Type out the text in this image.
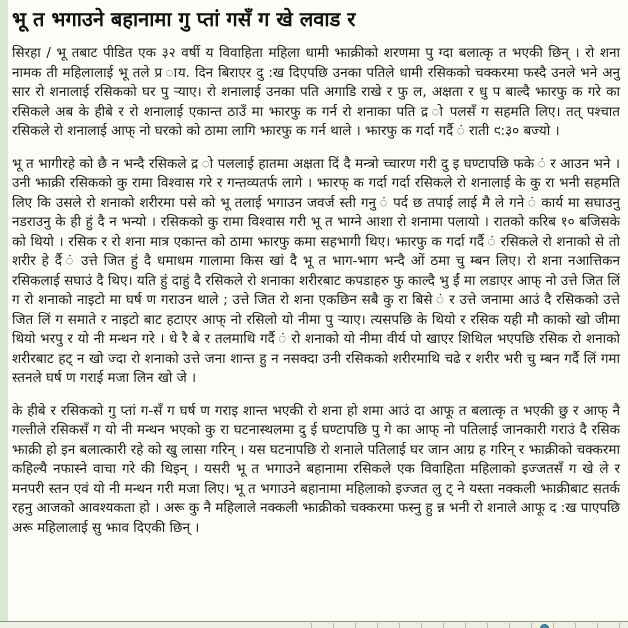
भू त भगाउने बहानामा गु प्तां गसँ ग खे लवाड र

सिरहा / भू तबाट पीडित एक ३२ वर्षी य विवाहिता महिला धामी झाक्रीको शरणमा पु ग्दा बलात्कृ त भएकी छिन् । रो शना नामक ती महिलालाई भू तले प्र ाय. दिन बिराएर दु :ख दिएपछि उनका पतिले धामी रसिकको चक्करमा फस्दै उनले भने अनु सार रो शनालाई रसिकको घर पु ऱ्याए। रो शनालाई उनका पति अगाडि राखे र फु ल, अक्षता र धु प बाल्दै झारफु क गरे का रसिकले अब के हीबे र रो शनालाई एकान्त ठाउँ मा झारफु क गर्न रो शनाका पति द्र ो पलसँ ग सहमति लिए। तत् पश्चात रसिकले रो शनालाई आफ् नो घरको को ठामा लागि झारफु क गर्न थाले । झारफु क गर्दा गर्दै ं राती ९:३० बज्यो ।

भू त भागीरहे को छै न भन्दै रसिकले द्र ो पललाई हातमा अक्षता दिं दै मन्त्रो च्चारण गरी दु इ घण्टापछि फके ं र आउन भने । उनी झाक्री रसिकको कु रामा विश्वास गरे र गन्तव्यतर्फ लागे । झारफ् क गर्दा गर्दा रसिकले रो शनालाई के कु रा भनी सहमति लिए कि उसले रो शनाको शरीरमा पसे को भू तलाई भगाउन जवर्ज स्ती गनु ं पर्द छ तपाई लाई मै ले गने ं कार्य मा सघाउनु नडराउनु के ही हुं दै न भन्यो । रसिकको कु रामा विश्वास गरी भू त भाग्ने आशा रो शनामा पलायो । रातको करिब १० बजिसके को थियो । रसिक र रो शना मात्र एकान्त को ठामा झारफु कमा सहभागी थिए। झारफु क गर्दा गर्दै ं रसिकले रो शनाको से तो शरीर हे र्दै ं उत्ते जित हुं दै धमाधम गालामा किस खां दै भू त भाग-भाग भन्दै ओं ठमा चु म्बन लिए। रो शना नआत्तिकन रसिकलाई सघाउं दै थिए। यति हुं दाहुं दै रसिकले रो शनाका शरीरबाट कपडाहरु फु काल्दै भु ईं मा लडाएर आफ् नो उत्ते जित लिं ग रो शनाको नाइटो मा घर्ष ण गराउन थाले ; उत्ते जित रो शना एकछिन सबै कु रा बिसे ं र उत्ते जनामा आउं दै रसिकको उत्ते जित लिं ग समाते र नाइटो बाट हटाएर आफ् नो रसिलो यो नीमा पु ऱ्याए। त्यसपछि के थियो र रसिक यही मौ काको खो जीमा थियो भरपु र यो नी मन्थन गरे । धे रै बे र तलमाथि गर्दै ं रो शनाको यो नीमा वीर्य पो खाएर शिथिल भएपछि रसिक रो शनाको शरीरबाट हट् न खो ज्दा रो शनाको उत्ते जना शान्त हु न नसक्दा उनी रसिकको शरीरमाथि चढे र शरीर भरी चु म्बन गर्दै लिं गमा स्तनले घर्ष ण गराई मजा लिन खो जे ।

के हीबे र रसिकको गु प्तां ग-सँ ग घर्ष ण गराइ शान्त भएकी रो शना हो शमा आउं दा आफू त बलात्कृ त भएकी छु र आफ् नै गल्तीले रसिकसँ ग यो नी मन्थन भएको कु रा घटनास्थलमा दु ई घण्टापछि पु गे का आफ् नो पतिलाई जानकारी गराउं दै रसिक झाक्री हो इन बलात्कारी रहे को खु लासा गरिन् । यस घटनापछि रो शनाले पतिलाई घर जान आग्र ह गरिन् र झाक्रीको चक्करमा कहिल्यै नफास्ने वाचा गरे की थिइन् । यसरी भू त भगाउने बहानामा रसिकले एक विवाहिता महिलाको इज्जतसँ ग खे ले र मनपरी स्तन एवं यो नी मन्थन गरी मजा लिए। भू त भगाउने बहानामा महिलाको इज्जत लु ट् ने यस्ता नक्कली झाक्रीबाट सतर्क रहनु आजको आवश्यकता हो । अरू कु नै महिलाले नक्कली झाक्रीको चक्करमा फस्नु हु न्न भनी रो शनाले आफू द :ख पाएपछि अरू महिलालाई सु झाव दिएकी छिन् ।
